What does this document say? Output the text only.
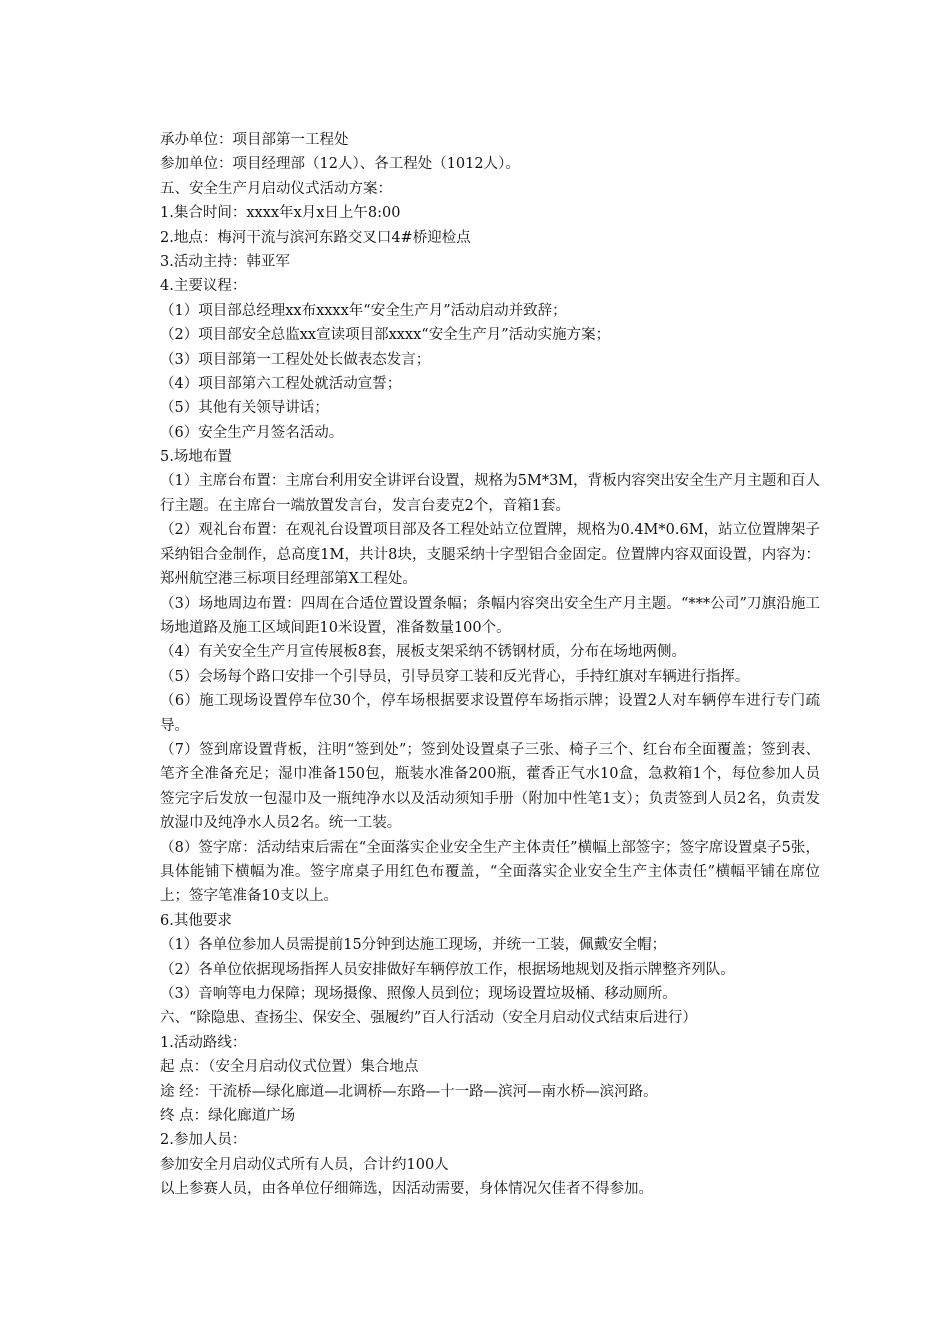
承办单位：项目部第一工程处
参加单位：项目经理部（12人）、各工程处（1012人）。
五、安全生产月启动仪式活动方案：
1.集合时间：xxxx年x月x日上午8:00
2.地点：梅河干流与滨河东路交叉口4#桥迎检点
3.活动主持：韩亚军
4.主要议程：
（1）项目部总经理xx布xxxx年“安全生产月”活动启动并致辞；
（2）项目部安全总监xx宣读项目部xxxx“安全生产月”活动实施方案；
（3）项目部第一工程处处长做表态发言；
（4）项目部第六工程处就活动宣誓；
（5）其他有关领导讲话；
（6）安全生产月签名活动。
5.场地布置
（1）主席台布置：主席台利用安全讲评台设置，规格为5M*3M，背板内容突出安全生产月主题和百人行主题。在主席台一端放置发言台，发言台麦克2个，音箱1套。
（2）观礼台布置：在观礼台设置项目部及各工程处站立位置牌，规格为0.4M*0.6M，站立位置牌架子采纳铝合金制作，总高度1M，共计8块，支腿采纳十字型铝合金固定。位置牌内容双面设置，内容为：郑州航空港三标项目经理部第X工程处。
（3）场地周边布置：四周在合适位置设置条幅；条幅内容突出安全生产月主题。“***公司”刀旗沿施工场地道路及施工区域间距10米设置，准备数量100个。
（4）有关安全生产月宣传展板8套，展板支架采纳不锈钢材质，分布在场地两侧。
（5）会场每个路口安排一个引导员，引导员穿工装和反光背心，手持红旗对车辆进行指挥。
（6）施工现场设置停车位30个，停车场根据要求设置停车场指示牌；设置2人对车辆停车进行专门疏导。
（7）签到席设置背板，注明“签到处”；签到处设置桌子三张、椅子三个、红台布全面覆盖；签到表、笔齐全准备充足；湿巾准备150包，瓶装水准备200瓶，藿香正气水10盒，急救箱1个，每位参加人员签完字后发放一包湿巾及一瓶纯净水以及活动须知手册（附加中性笔1支）；负责签到人员2名，负责发放湿巾及纯净水人员2名。统一工装。
（8）签字席：活动结束后需在“全面落实企业安全生产主体责任”横幅上部签字；签字席设置桌子5张，具体能铺下横幅为准。签字席桌子用红色布覆盖，“全面落实企业安全生产主体责任”横幅平铺在席位上；签字笔准备10支以上。
6.其他要求
（1）各单位参加人员需提前15分钟到达施工现场，并统一工装，佩戴安全帽；
（2）各单位依据现场指挥人员安排做好车辆停放工作，根据场地规划及指示牌整齐列队。
（3）音响等电力保障；现场摄像、照像人员到位；现场设置垃圾桶、移动厕所。
六、“除隐患、查扬尘、保安全、强履约”百人行活动（安全月启动仪式结束后进行）
1.活动路线：
起 点：（安全月启动仪式位置）集合地点
途 经：干流桥—绿化廊道—北调桥—东路—十一路—滨河—南水桥—滨河路。
终 点：绿化廊道广场
2.参加人员：
参加安全月启动仪式所有人员，合计约100人
以上参赛人员，由各单位仔细筛选，因活动需要，身体情况欠佳者不得参加。
